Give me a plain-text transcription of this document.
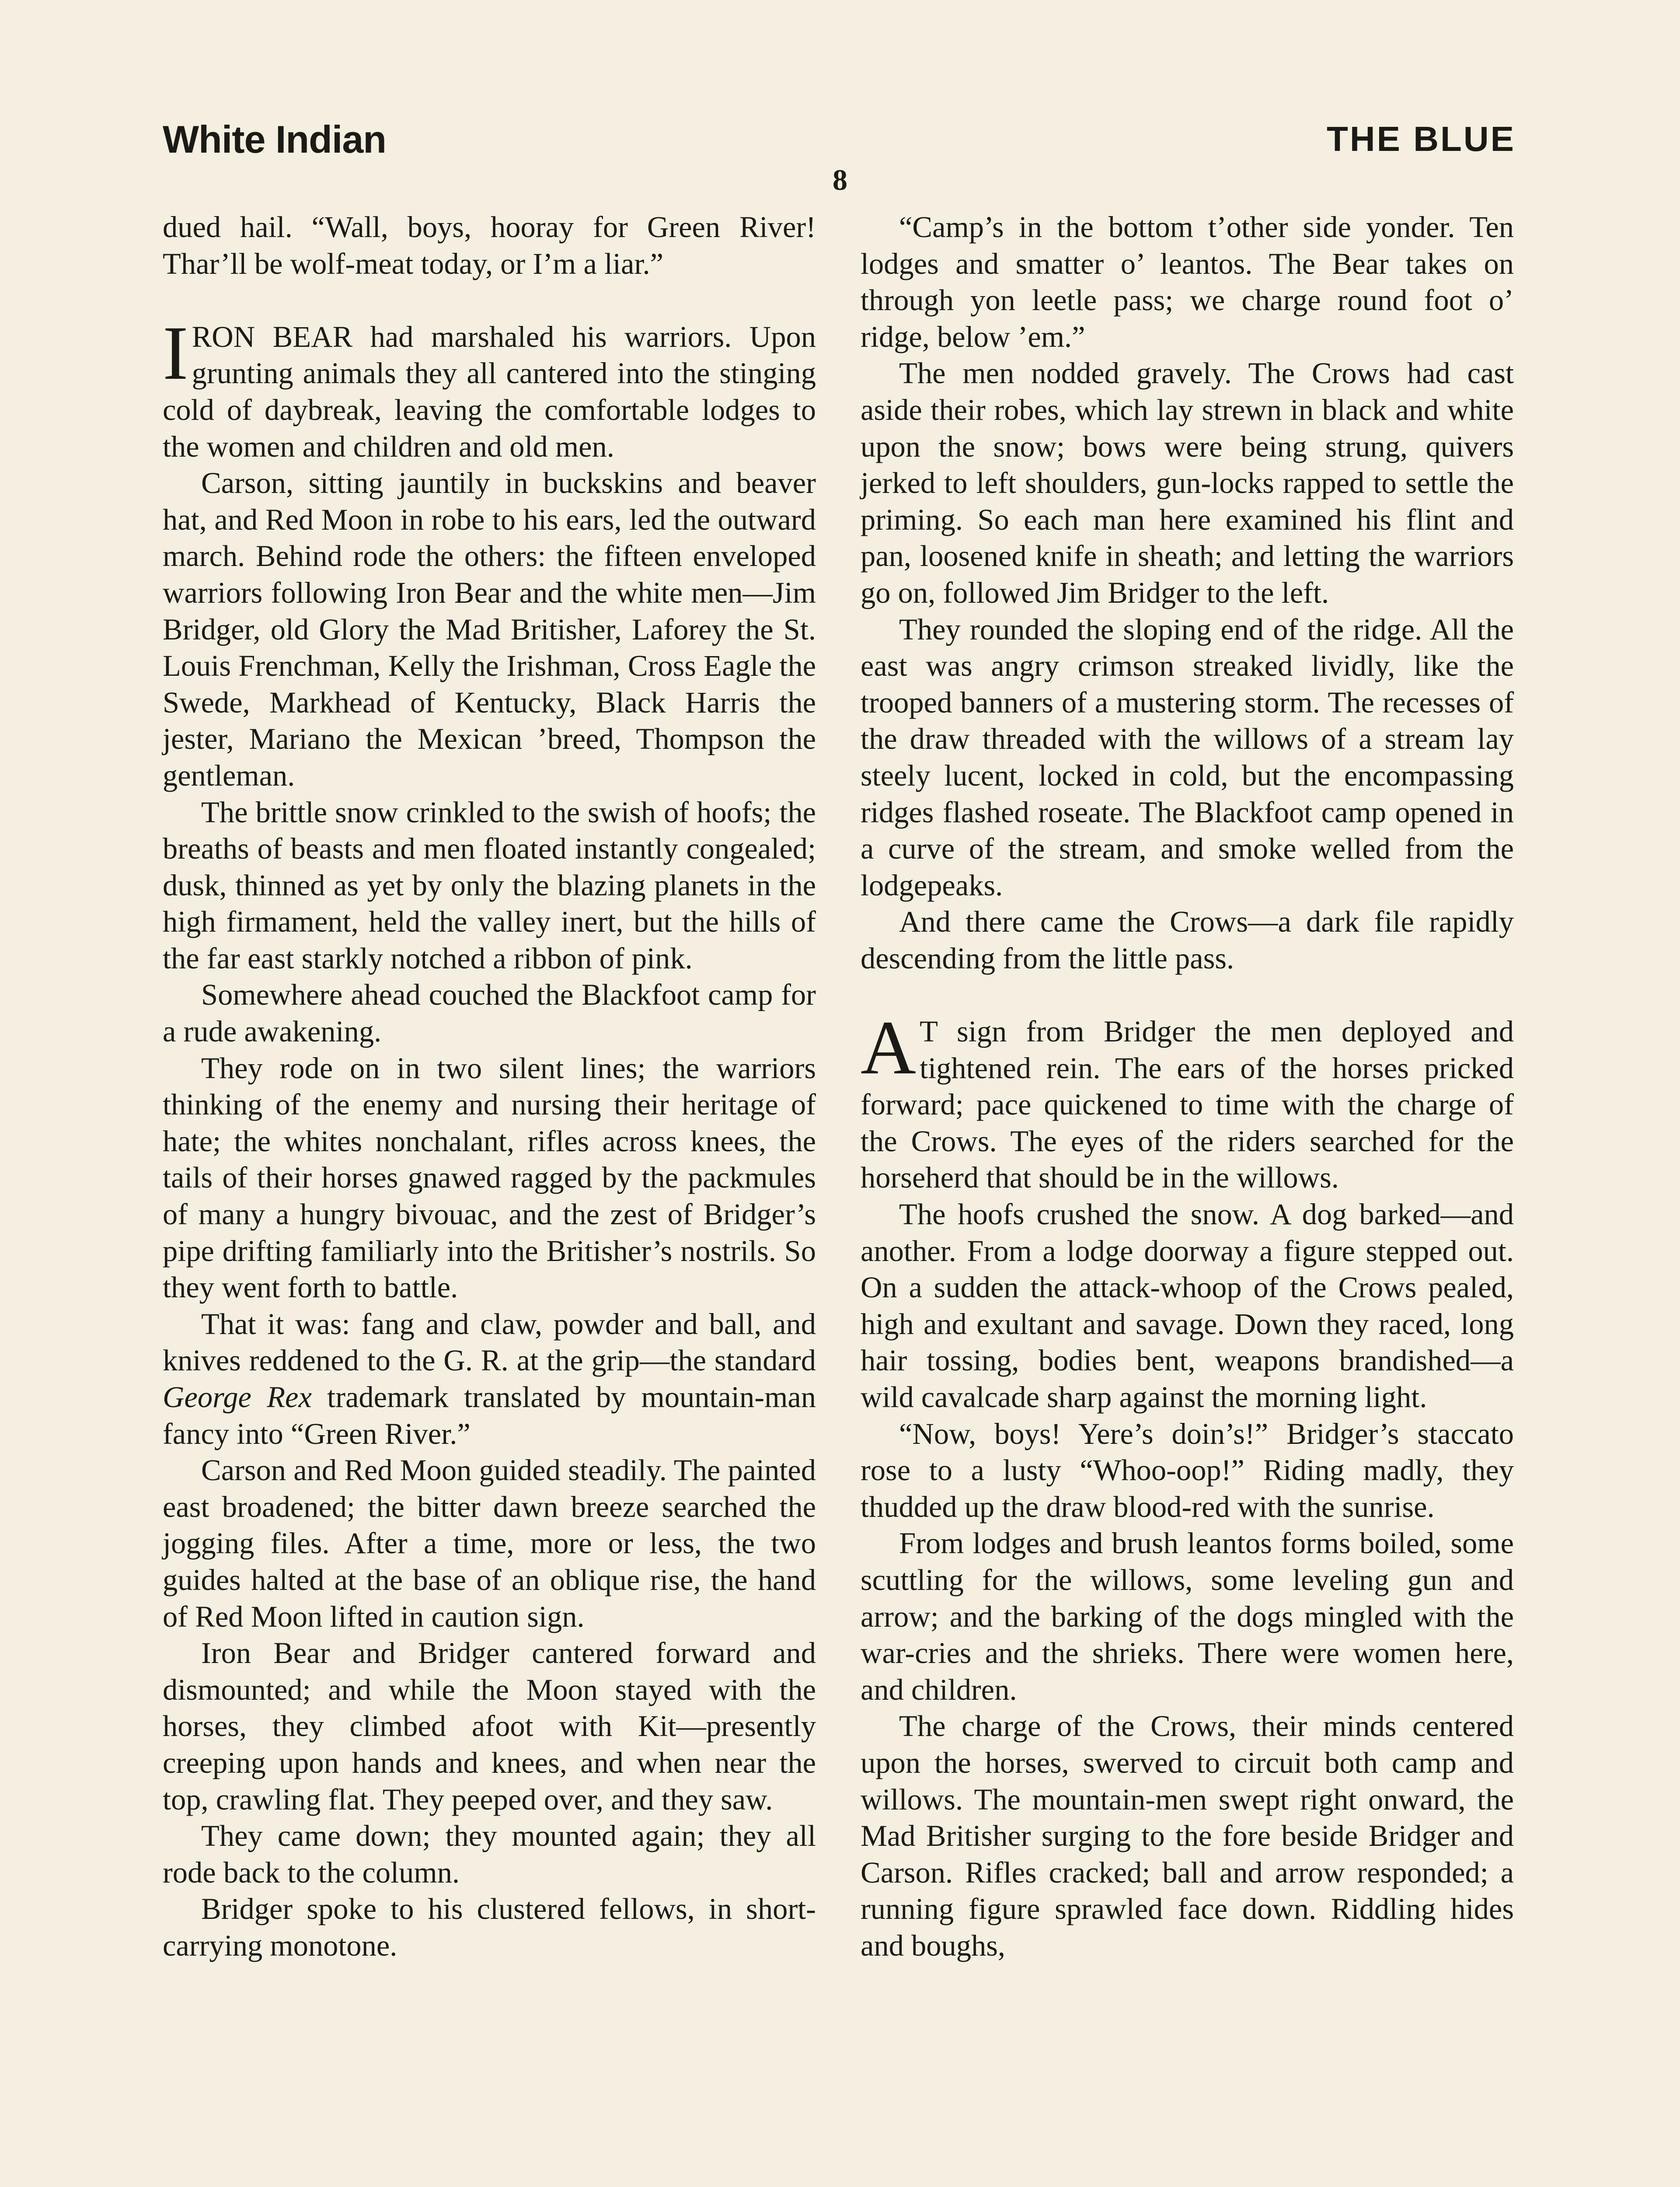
White Indian	THE BLUE
8

dued hail. “Wall, boys, hooray for Green River! Thar’ll be wolf-meat today, or I’m a liar.”

IRON BEAR had marshaled his warriors. Upon grunting animals they all cantered into the stinging cold of daybreak, leaving the comfortable lodges to the women and children and old men.

Carson, sitting jauntily in buckskins and beaver hat, and Red Moon in robe to his ears, led the outward march. Behind rode the others: the fifteen enveloped warriors following Iron Bear and the white men—Jim Bridger, old Glory the Mad Britisher, Laforey the St. Louis Frenchman, Kelly the Irishman, Cross Eagle the Swede, Markhead of Kentucky, Black Harris the jester, Mariano the Mexican ’breed, Thompson the gentleman.

The brittle snow crinkled to the swish of hoofs; the breaths of beasts and men floated instantly congealed; dusk, thinned as yet by only the blazing planets in the high firmament, held the valley inert, but the hills of the far east starkly notched a ribbon of pink.

Somewhere ahead couched the Blackfoot camp for a rude awakening.

They rode on in two silent lines; the warriors thinking of the enemy and nursing their heritage of hate; the whites nonchalant, rifles across knees, the tails of their horses gnawed ragged by the packmules of many a hungry bivouac, and the zest of Bridger’s pipe drifting familiarly into the Britisher’s nostrils. So they went forth to battle.

That it was: fang and claw, powder and ball, and knives reddened to the G. R. at the grip—the standard George Rex trademark translated by mountain-man fancy into “Green River.”

Carson and Red Moon guided steadily. The painted east broadened; the bitter dawn breeze searched the jogging files. After a time, more or less, the two guides halted at the base of an oblique rise, the hand of Red Moon lifted in caution sign.

Iron Bear and Bridger cantered forward and dismounted; and while the Moon stayed with the horses, they climbed afoot with Kit—presently creeping upon hands and knees, and when near the top, crawling flat. They peeped over, and they saw.

They came down; they mounted again; they all rode back to the column.

Bridger spoke to his clustered fellows, in short-carrying monotone.

“Camp’s in the bottom t’other side yonder. Ten lodges and smatter o’ leantos. The Bear takes on through yon leetle pass; we charge round foot o’ ridge, below ’em.”

The men nodded gravely. The Crows had cast aside their robes, which lay strewn in black and white upon the snow; bows were being strung, quivers jerked to left shoulders, gun-locks rapped to settle the priming. So each man here examined his flint and pan, loosened knife in sheath; and letting the warriors go on, followed Jim Bridger to the left.

They rounded the sloping end of the ridge. All the east was angry crimson streaked lividly, like the trooped banners of a mustering storm. The recesses of the draw threaded with the willows of a stream lay steely lucent, locked in cold, but the encompassing ridges flashed roseate. The Blackfoot camp opened in a curve of the stream, and smoke welled from the lodgepeaks.

And there came the Crows—a dark file rapidly descending from the little pass.

A T sign from Bridger the men deployed and tightened rein. The ears of the horses pricked forward; pace quickened to time with the charge of the Crows. The eyes of the riders searched for the horseherd that should be in the willows.

The hoofs crushed the snow. A dog barked—and another. From a lodge doorway a figure stepped out. On a sudden the attack-whoop of the Crows pealed, high and exultant and savage. Down they raced, long hair tossing, bodies bent, weapons brandished—a wild cavalcade sharp against the morning light.

“Now, boys! Yere’s doin’s!” Bridger’s staccato rose to a lusty “Whoo-oop!” Riding madly, they thudded up the draw blood-red with the sunrise.

From lodges and brush leantos forms boiled, some scuttling for the willows, some leveling gun and arrow; and the barking of the dogs mingled with the war-cries and the shrieks. There were women here, and children.

The charge of the Crows, their minds centered upon the horses, swerved to circuit both camp and willows. The mountain-men swept right onward, the Mad Britisher surging to the fore beside Bridger and Carson. Rifles cracked; ball and arrow responded; a running figure sprawled face down. Riddling hides and boughs,
